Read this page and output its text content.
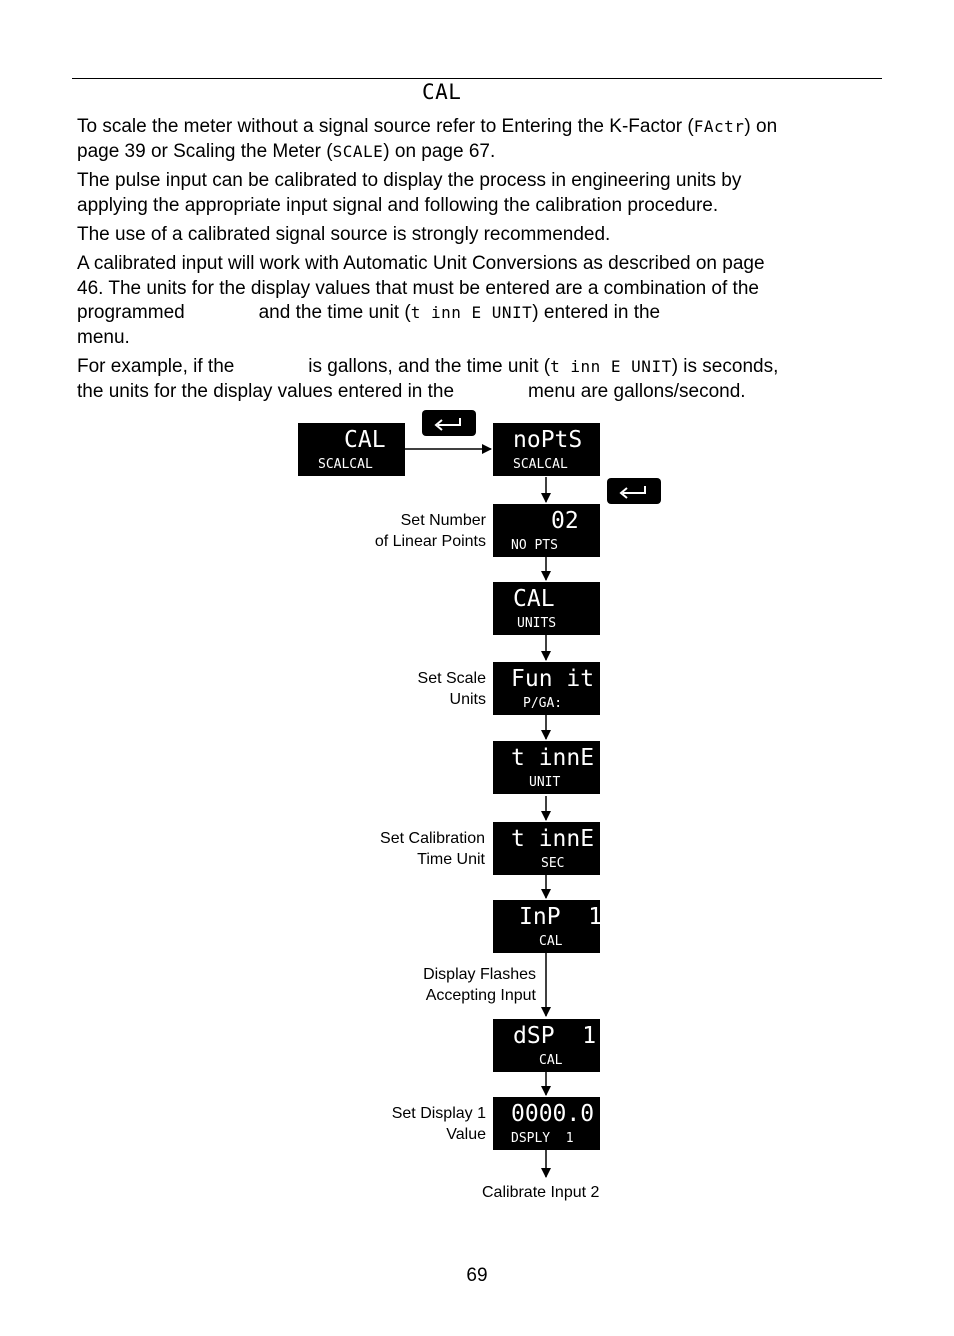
CAL

To scale the meter without a signal source refer to Entering the K-Factor (FActr) on
page 39 or Scaling the Meter (SCALE) on page 67.

The pulse input can be calibrated to display the process in engineering units by
applying the appropriate input signal and following the calibration procedure.

The use of a calibrated signal source is strongly recommended.

A calibrated input will work with Automatic Unit Conversions as described on page
46. The units for the display values that must be entered are a combination of the
programmed              and the time unit (t inn E UNIT) entered in the
menu.

For example, if the              is gallons, and the time unit (t inn E UNIT) is seconds,
the units for the display values entered in the              menu are gallons/second.

CAL
SCALCAL
noPtS
SCALCAL
02
NO PTS
CAL
UNITS
Fun it
P/GA:
t innE
UNIT
t innE
SEC
InP  1
CAL
dSP  1
CAL
0000.0
DSPLY  1
Set Number
of Linear Points
Set Scale
Units
Set Calibration
Time Unit
Display Flashes
Accepting Input
Set Display 1
Value
Calibrate Input 2
69
